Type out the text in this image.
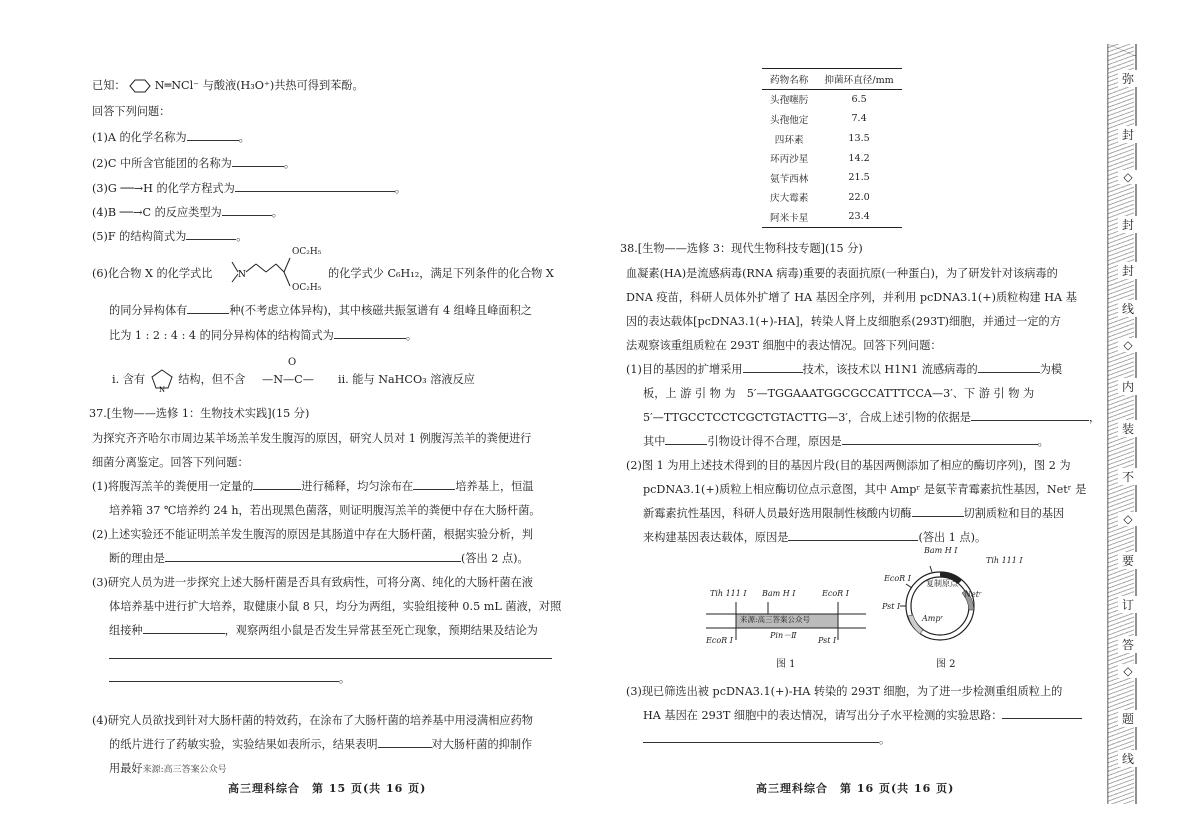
已知：	N═NCl⁻ 与酸液(H₃O⁺)共热可得到苯酚。
回答下列问题：
(1)A 的化学名称为	。
(2)C 中所含官能团的名称为	。
(3)G ──→H 的化学方程式为	。
(4)B ──→C 的反应类型为	。
(5)F 的结构简式为	。
(6)化合物 X 的化学式比	N
OC₂H₅
OC₂H₅
的化学式少 C₆H₁₂，满足下列条件的化合物 X
的同分异构体有	种(不考虑立体异构)，其中核磁共振氢谱有 4 组峰且峰面积之
比为 1 : 2 : 4 : 4 的同分异构体的结构简式为	。
ⅰ. 含有
N
结构，但不含
O
—N—C— ⅱ. 能与 NaHCO₃ 溶液反应
37.[生物——选修 1：生物技术实践](15 分)
为探究齐齐哈尔市周边某羊场羔羊发生腹泻的原因，研究人员对 1 例腹泻羔羊的粪便进行
细菌分离鉴定。回答下列问题：
(1)将腹泻羔羊的粪便用一定量的	进行稀释，均匀涂布在	培养基上，恒温
培养箱 37 ℃培养约 24 h，若出现黑色菌落，则证明腹泻羔羊的粪便中存在大肠杆菌。
(2)上述实验还不能证明羔羊发生腹泻的原因是其肠道中存在大肠杆菌，根据实验分析，判
断的理由是	(答出 2 点)。
(3)研究人员为进一步探究上述大肠杆菌是否具有致病性，可将分离、纯化的大肠杆菌在液
体培养基中进行扩大培养，取健康小鼠 8 只，均分为两组，实验组接种 0.5 mL 菌液，对照
组接种	，观察两组小鼠是否发生异常甚至死亡现象，预期结果及结论为
。
(4)研究人员欲找到针对大肠杆菌的特效药，在涂布了大肠杆菌的培养基中用浸满相应药物
的纸片进行了药敏实验，实验结果如表所示，结果表明	对大肠杆菌的抑制作
用最好来源:高三答案公众号
高三理科综合　第 15 页(共 16 页)
药物名称	抑菌环直径/mm
头孢噻肟	6.5
头孢他定	7.4
四环素	13.5
环丙沙星	14.2
氨苄西林	21.5
庆大霉素	22.0
阿米卡星	23.4
38.[生物——选修 3：现代生物科技专题](15 分)
血凝素(HA)是流感病毒(RNA 病毒)重要的表面抗原(一种蛋白)，为了研发针对该病毒的
DNA 疫苗，科研人员体外扩增了 HA 基因全序列，并利用 pcDNA3.1(+)质粒构建 HA 基
因的表达载体[pcDNA3.1(+)-HA]，转染人肾上皮细胞系(293T)细胞，并通过一定的方
法观察该重组质粒在 293T 细胞中的表达情况。回答下列问题：
(1)目的基因的扩增采用	技术，该技术以 H1N1 流感病毒的	为模
板，上 游 引 物 为　5′—TGGAAATGGCGCCATTTCCA—3′、下 游 引 物 为
5′—TTGCCTCCTCGCTGTACTTG—3′，合成上述引物的依据是	，
其中	引物设计得不合理，原因是	。
(2)图 1 为用上述技术得到的目的基因片段(目的基因两侧添加了相应的酶切序列)，图 2 为
pcDNA3.1(+)质粒上相应酶切位点示意图，其中 Ampʳ 是氨苄青霉素抗性基因，Netʳ 是
新霉素抗性基因，科研人员最好选用限制性核酸内切酶	切割质粒和目的基因
来构建基因表达载体，原因是	(答出 1 点)。
(3)现已筛选出被 pcDNA3.1(+)-HA 转染的 293T 细胞，为了进一步检测重组质粒上的
HA 基因在 293T 细胞中的表达情况，请写出分子水平检测的实验思路：
。
Tih 111 Ⅰ Bam H Ⅰ	EcoR Ⅰ
EcoR Ⅰ
Pin－Ⅱ
Pst Ⅰ
来源:高三答案公众号
图 1
Bam H Ⅰ
Tih 111 Ⅰ
EcoR Ⅰ
复制原点
Netʳ
Pst Ⅰ
Ampʳ
图 2
高三理科综合　第 16 页(共 16 页)
弥
封
◇
封
封
线
◇
内
装
不
◇
要
订
答
◇
题
线
